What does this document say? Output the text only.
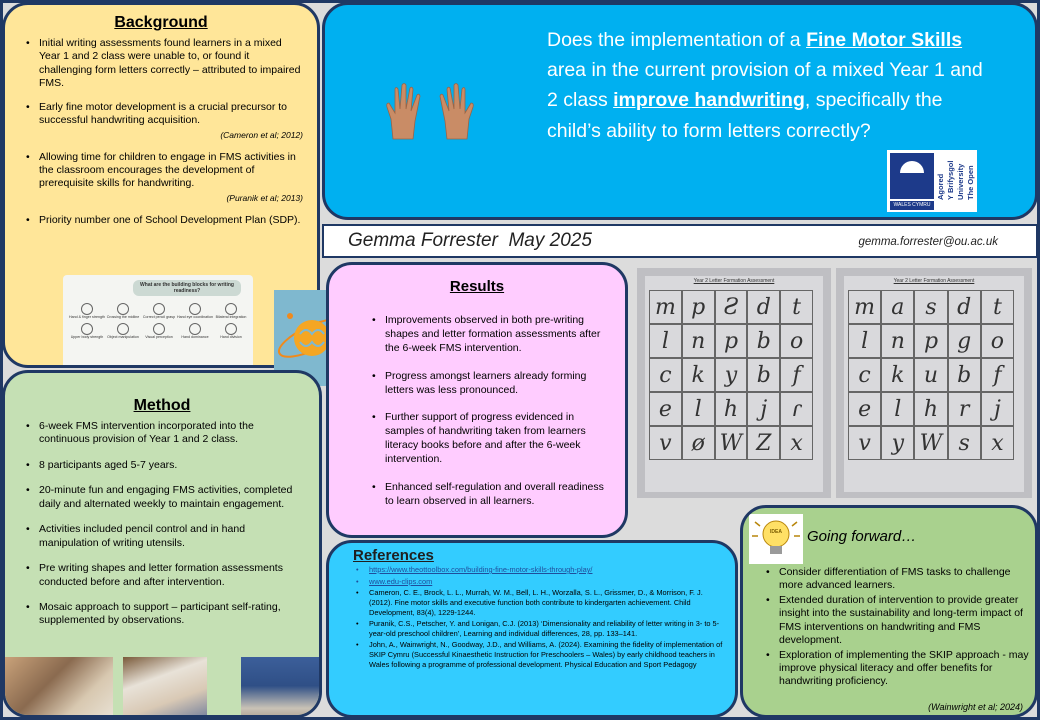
Background
• Initial writing assessments found learners in a mixed Year 1 and 2 class were unable to, or found it challenging form letters correctly – attributed to impaired FMS.
• Early fine motor development is a crucial precursor to successful handwriting acquisition.
(Cameron et al; 2012)
• Allowing time for children to engage in FMS activities in the classroom encourages the development of prerequisite skills for handwriting.
(Puranik et al; 2013)
• Priority number one of School Development Plan (SDP).
What are the building blocks for writing readiness?
Hand & finger strength Crossing the midline	Correct pencil grasp Hand eye coordination Bilateral integration
Upper body strength	Object manipulation	Visual perception	Hand dominance	Hand division
Method
• 6-week FMS intervention incorporated into the continuous provision of Year 1 and 2 class.
• 8 participants aged 5-7 years.
• 20-minute fun and engaging FMS activities, completed daily and alternated weekly to maintain engagement.
• Activities included pencil control and in hand manipulation of writing utensils.
• Pre writing shapes and letter formation assessments conducted before and after intervention.
• Mosaic approach to support – participant self-rating, supplemented by observations.
Does the implementation of a Fine Motor Skills area in the current provision of a mixed Year 1 and 2 class improve handwriting, specifically the child’s ability to form letters correctly?
The Open
University
Y Brifysgol
Agored
WALES CYMRU
Gemma Forrester May 2025	gemma.forrester@ou.ac.uk
Results
• Improvements observed in both pre-writing shapes and letter formation assessments after the 6-week FMS intervention.
• Progress amongst learners already forming letters was less pronounced.
• Further support of progress evidenced in samples of handwriting taken from learners literacy books before and after the 6-week intervention.
• Enhanced self-regulation and overall readiness to learn observed in all learners.
Year 2 Letter Formation Assessment
m p Ƨ d t
l	n p b o
c k y b f
e	l	h	j	ɾ
v ø W Z x
Year 2 Letter Formation Assessment
m a s d t
l	n p g o
c k u b	f
e	l	h r	j
v y W s x
References
• https://www.theottoolbox.com/building-fine-motor-skills-through-play/
• www.edu-clips.com
• Cameron, C. E., Brock, L. L., Murrah, W. M., Bell, L. H., Worzalla, S. L., Grissmer, D., & Morrison, F. J. (2012). Fine motor skills and executive function both contribute to kindergarten achievement. Child Development, 83(4), 1229-1244.
• Puranik, C.S., Petscher, Y. and Lonigan, C.J. (2013) ‘Dimensionality and reliability of letter writing in 3- to 5-year-old preschool children’, Learning and individual differences, 28, pp. 133–141.
• John, A., Wainwright, N., Goodway, J.D., and Williams, A. (2024). Examining the fidelity of implementation of SKIP Cymru (Successful Kinaesthetic Instruction for Preschoolers – Wales) by early childhood teachers in Wales following a programme of professional development. Physical Education and Sport Pedagogy
IDEA Going forward…
• Consider differentiation of FMS tasks to challenge more advanced learners.
• Extended duration of intervention to provide greater insight into the sustainability and long-term impact of FMS interventions on handwriting and FMS development.
• Exploration of implementing the SKIP approach - may improve physical literacy and offer benefits for handwriting proficiency.
(Wainwright et al; 2024)
